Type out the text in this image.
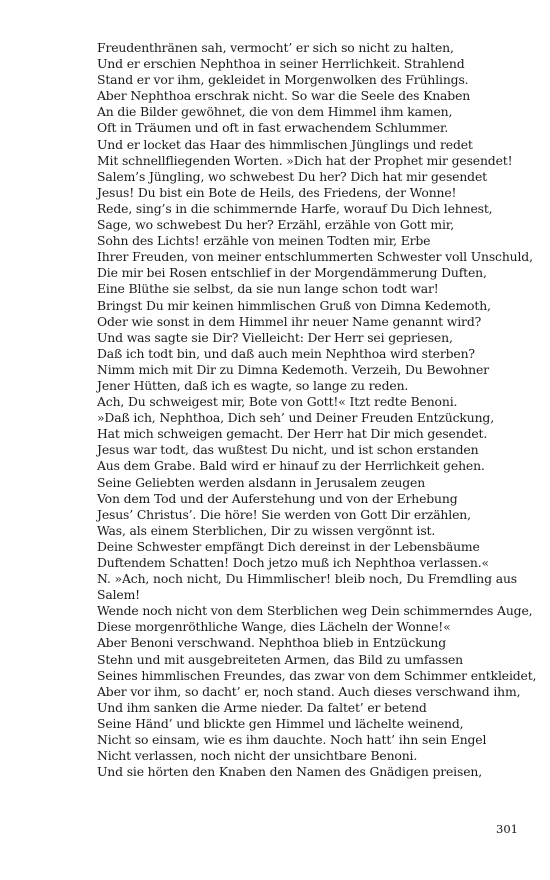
Freudenthränen sah, vermocht’ er sich so nicht zu halten,
Und er erschien Nephthoa in seiner Herrlichkeit. Strahlend
Stand er vor ihm, gekleidet in Morgenwolken des Frühlings.
Aber Nephthoa erschrak nicht. So war die Seele des Knaben
An die Bilder gewöhnet, die von dem Himmel ihm kamen,
Oft in Träumen und oft in fast erwachendem Schlummer.
Und er locket das Haar des himmlischen Jünglings und redet
Mit schnellfliegenden Worten. »Dich hat der Prophet mir gesendet!
Salem’s Jüngling, wo schwebest Du her? Dich hat mir gesendet
Jesus! Du bist ein Bote de Heils, des Friedens, der Wonne!
Rede, sing’s in die schimmernde Harfe, worauf Du Dich lehnest,
Sage, wo schwebest Du her? Erzähl, erzähle von Gott mir,
Sohn des Lichts! erzähle von meinen Todten mir, Erbe
Ihrer Freuden, von meiner entschlummerten Schwester voll Unschuld,
Die mir bei Rosen entschlief in der Morgendämmerung Duften,
Eine Blüthe sie selbst, da sie nun lange schon todt war!
Bringst Du mir keinen himmlischen Gruß von Dimna Kedemoth,
Oder wie sonst in dem Himmel ihr neuer Name genannt wird?
Und was sagte sie Dir? Vielleicht: Der Herr sei gepriesen,
Daß ich todt bin, und daß auch mein Nephthoa wird sterben?
Nimm mich mit Dir zu Dimna Kedemoth. Verzeih, Du Bewohner
Jener Hütten, daß ich es wagte, so lange zu reden.
Ach, Du schweigest mir, Bote von Gott!« Itzt redte Benoni.
»Daß ich, Nephthoa, Dich seh’ und Deiner Freuden Entzückung,
Hat mich schweigen gemacht. Der Herr hat Dir mich gesendet.
Jesus war todt, das wußtest Du nicht, und ist schon erstanden
Aus dem Grabe. Bald wird er hinauf zu der Herrlichkeit gehen.
Seine Geliebten werden alsdann in Jerusalem zeugen
Von dem Tod und der Auferstehung und von der Erhebung
Jesus’ Christus’. Die höre! Sie werden von Gott Dir erzählen,
Was, als einem Sterblichen, Dir zu wissen vergönnt ist.
Deine Schwester empfängt Dich dereinst in der Lebensbäume
Duftendem Schatten! Doch jetzo muß ich Nephthoa verlassen.«
N. »Ach, noch nicht, Du Himmlischer! bleib noch, Du Fremdling aus
Salem!
Wende noch nicht von dem Sterblichen weg Dein schimmerndes Auge,
Diese morgenröthliche Wange, dies Lächeln der Wonne!«
Aber Benoni verschwand. Nephthoa blieb in Entzückung
Stehn und mit ausgebreiteten Armen, das Bild zu umfassen
Seines himmlischen Freundes, das zwar von dem Schimmer entkleidet,
Aber vor ihm, so dacht’ er, noch stand. Auch dieses verschwand ihm,
Und ihm sanken die Arme nieder. Da faltet’ er betend
Seine Händ’ und blickte gen Himmel und lächelte weinend,
Nicht so einsam, wie es ihm dauchte. Noch hatt’ ihn sein Engel
Nicht verlassen, noch nicht der unsichtbare Benoni.
Und sie hörten den Knaben den Namen des Gnädigen preisen,
301
